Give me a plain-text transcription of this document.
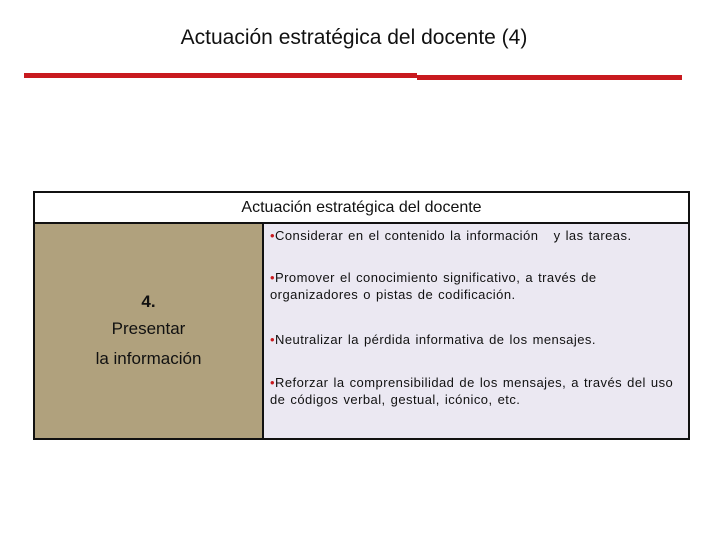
Actuación estratégica del docente (4)
Actuación estratégica del docente
4.
Presentar
la información
•Considerar en el contenido la información   y las tareas.
•Promover el conocimiento significativo, a través de organizadores o pistas de codificación.
•Neutralizar la pérdida informativa de los mensajes.
•Reforzar la comprensibilidad de los mensajes, a través del uso de códigos verbal, gestual, icónico, etc.
